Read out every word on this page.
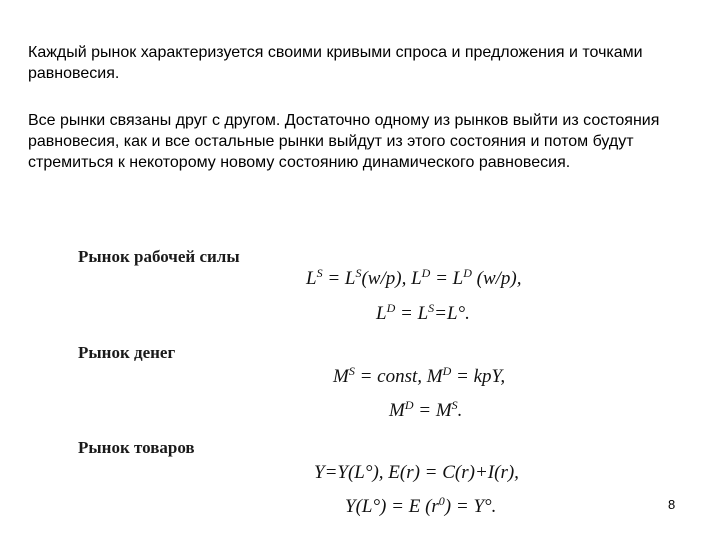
Каждый рынок характеризуется своими кривыми спроса и предложения и точками равновесия.
Все рынки связаны друг с другом. Достаточно одному из рынков выйти из состояния равновесия, как и все остальные рынки выйдут из этого состояния и потом будут стремиться к некоторому новому состоянию динамического равновесия.
Рынок рабочей силы
$L^S = L^S(w/p)$, $L^D = L^D$ (w/p),
$L^D = L^S=L^\circ$.
Рынок денег
$M^S$ = const, $M^D$ = kpY,
$M^D = M^S$.
Рынок товаров
Y=Y(L°), E(r) = C(r)+I(r),
Y(L°) = E $(r^0) = Y^\circ$.	8
